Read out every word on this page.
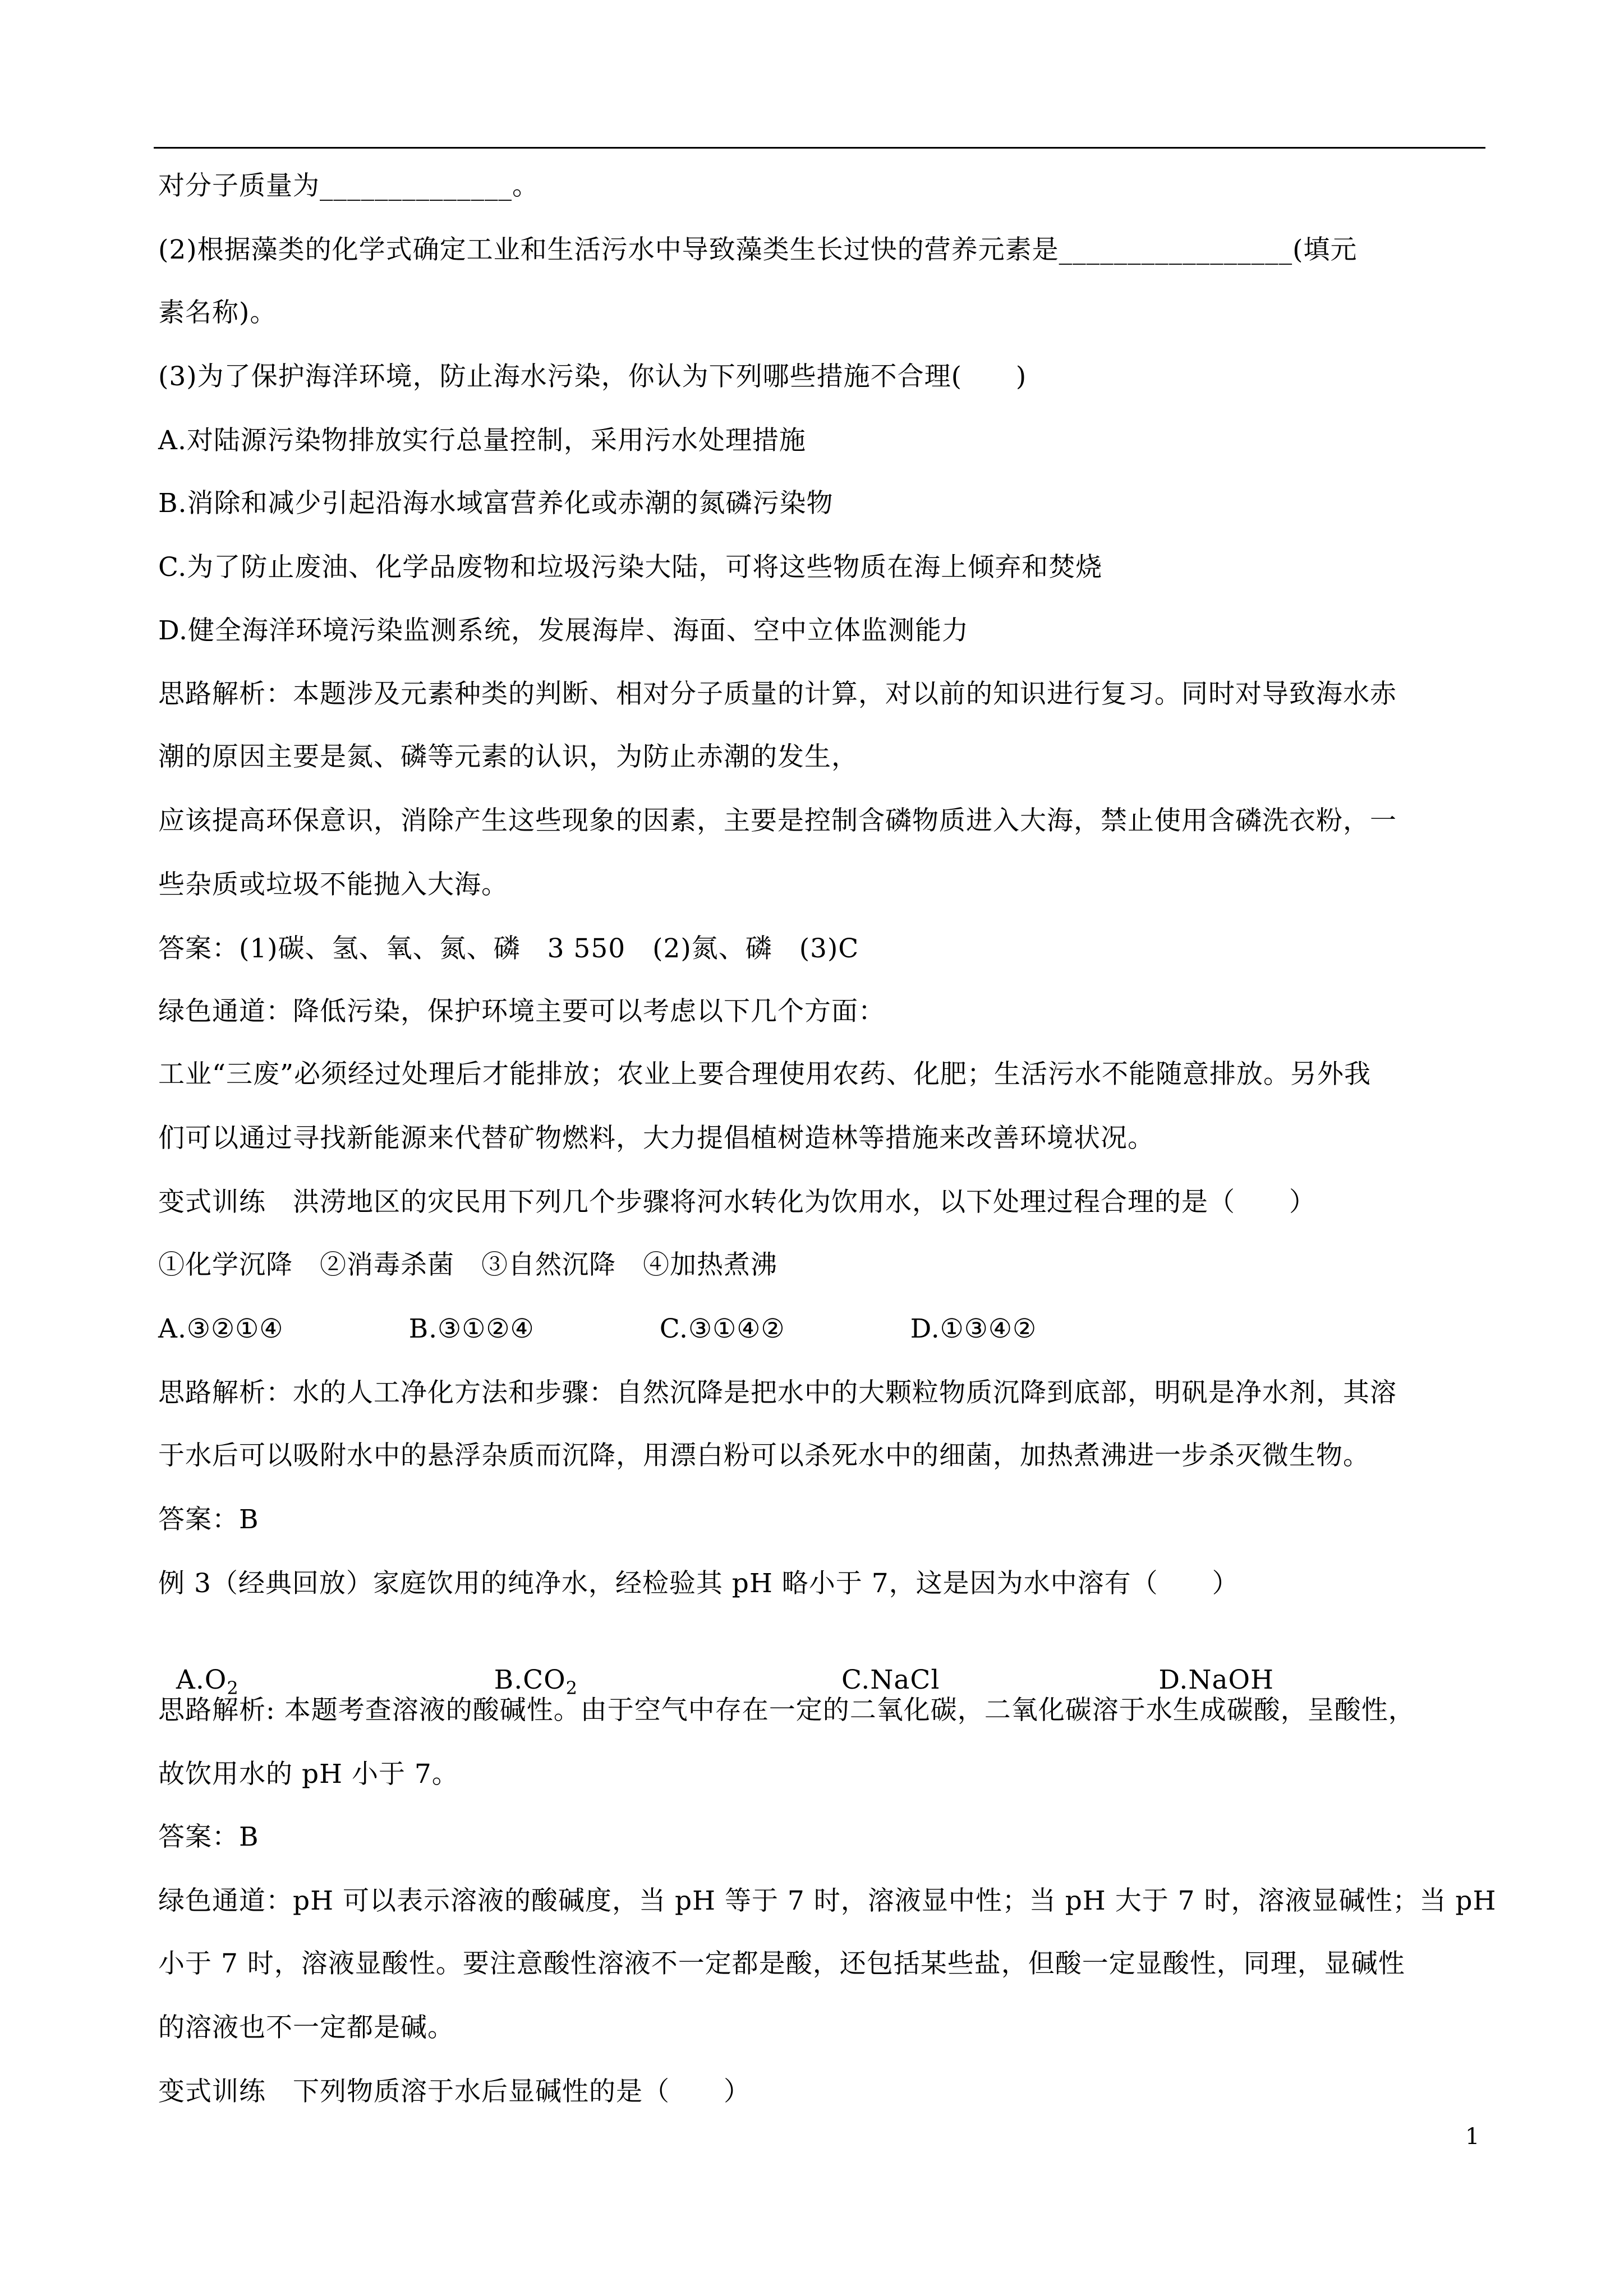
对分子质量为______________。
(2)根据藻类的化学式确定工业和生活污水中导致藻类生长过快的营养元素是_________________(填元
素名称)。
(3)为了保护海洋环境，防止海水污染，你认为下列哪些措施不合理(　　)
A.对陆源污染物排放实行总量控制，采用污水处理措施
B.消除和减少引起沿海水域富营养化或赤潮的氮磷污染物
C.为了防止废油、化学品废物和垃圾污染大陆，可将这些物质在海上倾弃和焚烧
D.健全海洋环境污染监测系统，发展海岸、海面、空中立体监测能力
思路解析：本题涉及元素种类的判断、相对分子质量的计算，对以前的知识进行复习。同时对导致海水赤
潮的原因主要是氮、磷等元素的认识，为防止赤潮的发生，
应该提高环保意识，消除产生这些现象的因素，主要是控制含磷物质进入大海，禁止使用含磷洗衣粉，一
些杂质或垃圾不能抛入大海。
答案：(1)碳、氢、氧、氮、磷　3 550　(2)氮、磷　(3)C
绿色通道：降低污染，保护环境主要可以考虑以下几个方面：
工业“三废”必须经过处理后才能排放；农业上要合理使用农药、化肥；生活污水不能随意排放。另外我
们可以通过寻找新能源来代替矿物燃料，大力提倡植树造林等措施来改善环境状况。
变式训练　洪涝地区的灾民用下列几个步骤将河水转化为饮用水，以下处理过程合理的是（　　）
①化学沉降　②消毒杀菌　③自然沉降　④加热煮沸
A.③②①④              B.③①②④              C.③①④②              D.①③④②
思路解析：水的人工净化方法和步骤：自然沉降是把水中的大颗粒物质沉降到底部，明矾是净水剂，其溶
于水后可以吸附水中的悬浮杂质而沉降，用漂白粉可以杀死水中的细菌，加热煮沸进一步杀灭微生物。
答案：B
例 3（经典回放）家庭饮用的纯净水，经检验其 pH 略小于 7，这是因为水中溶有（　　）

$A.O_2$	$B.CO_2$	C.NaCl	D.NaOH

思路解析: 本题考查溶液的酸碱性。由于空气中存在一定的二氧化碳，二氧化碳溶于水生成碳酸，呈酸性，
故饮用水的 pH 小于 7。
答案：B
绿色通道：pH 可以表示溶液的酸碱度，当 pH 等于 7 时，溶液显中性；当 pH 大于 7 时，溶液显碱性；当 pH
小于 7 时，溶液显酸性。要注意酸性溶液不一定都是酸，还包括某些盐，但酸一定显酸性，同理，显碱性
的溶液也不一定都是碱。
变式训练　下列物质溶于水后显碱性的是（　　）
1
